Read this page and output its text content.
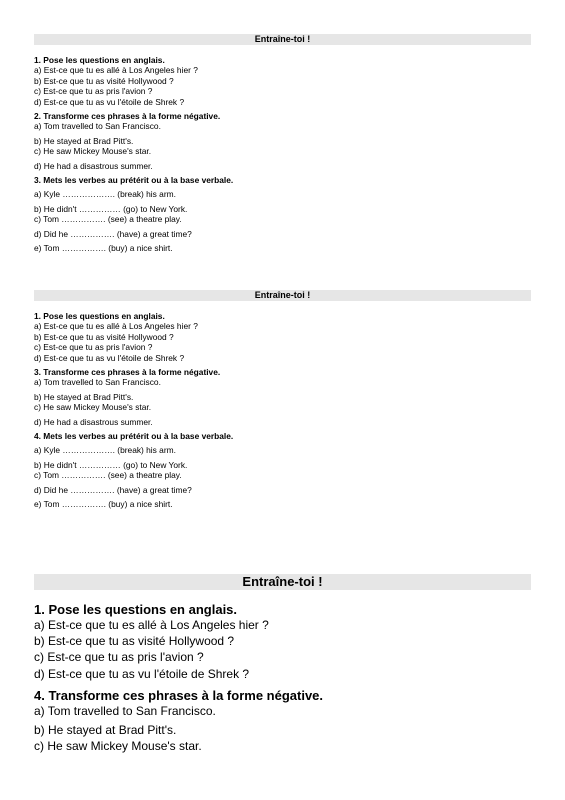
Entraîne-toi !
1. Pose les questions en anglais.
a) Est-ce que tu es allé à Los Angeles hier ?
b) Est-ce que tu as visité Hollywood ?
c) Est-ce que tu as pris l'avion ?
d) Est-ce que tu as vu l'étoile de Shrek ?
2. Transforme ces phrases à la forme négative.
a) Tom travelled to San Francisco.
b) He stayed at Brad Pitt's.
c) He saw Mickey Mouse's star.
d) He had a disastrous summer.
3. Mets les verbes au prétérit ou à la base verbale.
a) Kyle ………………. (break) his arm.
b) He didn't …………… (go) to New York.
c) Tom ……………. (see) a theatre play.
d) Did he ……………. (have) a great time?
e) Tom ……………. (buy) a nice shirt.
Entraîne-toi !
1. Pose les questions en anglais.
a) Est-ce que tu es allé à Los Angeles hier ?
b) Est-ce que tu as visité Hollywood ?
c) Est-ce que tu as pris l'avion ?
d) Est-ce que tu as vu l'étoile de Shrek ?
3. Transforme ces phrases à la forme négative.
a) Tom travelled to San Francisco.
b) He stayed at Brad Pitt's.
c) He saw Mickey Mouse's star.
d) He had a disastrous summer.
4. Mets les verbes au prétérit ou à la base verbale.
a) Kyle ………………. (break) his arm.
b) He didn't …………… (go) to New York.
c) Tom ……………. (see) a theatre play.
d) Did he ……………. (have) a great time?
e) Tom ……………. (buy) a nice shirt.
Entraîne-toi !
1. Pose les questions en anglais.
a) Est-ce que tu es allé à Los Angeles hier ?
b) Est-ce que tu as visité Hollywood ?
c) Est-ce que tu as pris l'avion ?
d) Est-ce que tu as vu l'étoile de Shrek ?
4. Transforme ces phrases à la forme négative.
a) Tom travelled to San Francisco.
b) He stayed at Brad Pitt's.
c) He saw Mickey Mouse's star.
